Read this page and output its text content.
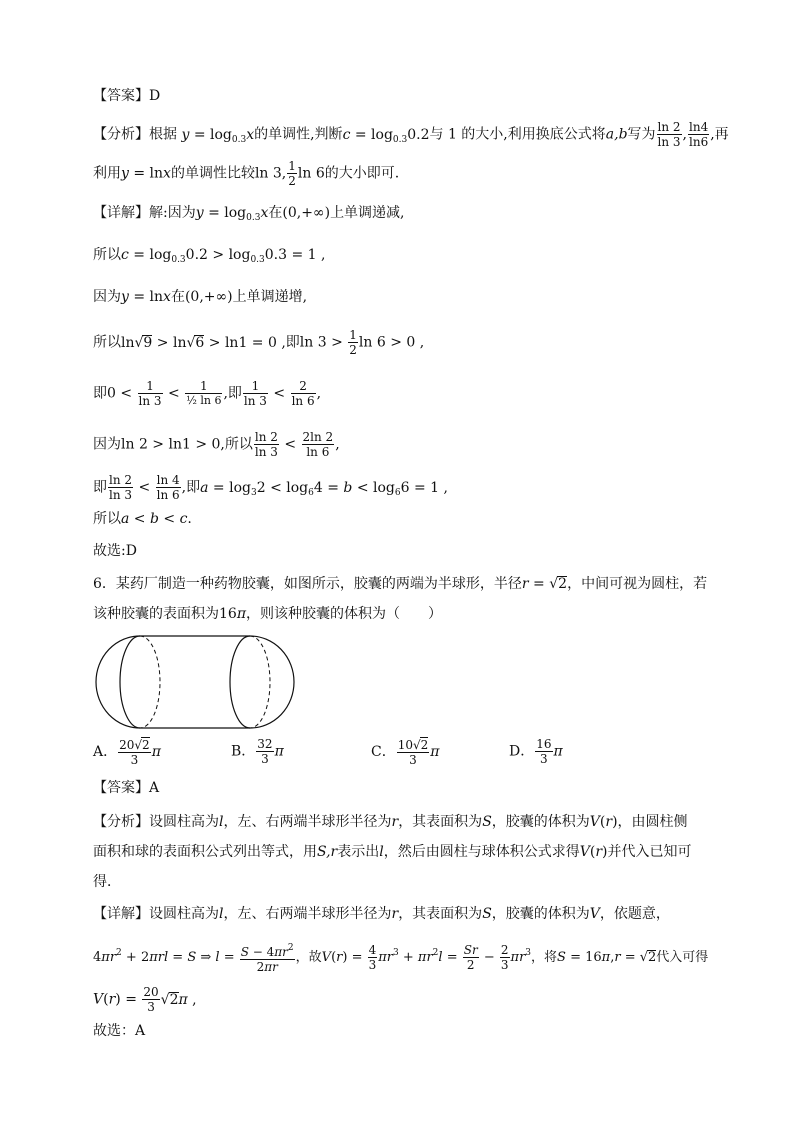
【答案】D
【分析】根据 $y = \log_{0.3}x$的单调性,判断$c = \log_{0.3}0.2$与 1 的大小,利用换底公式将a,b写为 $\frac{\ln 2}{\ln 3}$ , $\frac{\ln 4}{\ln 6}$ ,再
利用y = lnx的单调性比较ln 3, $\frac{1}{2}$ ln 6的大小即可.
【详解】解:因为$y = \log_{0.3}x$在(0,+∞)上单调递减,
所以$c = \log_{0.3}0.2 > \log_{0.3}0.3 = 1$ ,
因为y = lnx在(0,+∞)上单调递增,
所以ln√9 > ln√6 > ln1 = 0 ,即$\ln 3 > \frac{1}{2}$ ln 6 > 0 ,
即$0 < \frac{1}{\ln 3} < \frac{1}{\text{½ ln 6}}$ ,即 $\frac{1}{\ln 3} < \frac{2}{\ln 6}$ ,
因为ln 2 > ln1 > 0,所以 $\frac{\ln 2}{\ln 3} < \frac{2\ln 2}{\ln 6}$ ,
即 $\frac{\ln 2}{\ln 3} < \frac{\ln 4}{\ln 6}$ ,即$a = \log_32 < \log_64 = b < \log_66 = 1$ ,
所以a < b < c.
故选:D
6．某药厂制造一种药物胶囊，如图所示，胶囊的两端为半球形，半径r = √2，中间可视为圆柱，若
该种胶囊的表面积为16π，则该种胶囊的体积为（　　）
A． $\frac{20√2}{3}$ π	B． $\frac{32}{3}$ π	C． $\frac{10√2}{3}$ π	D． $\frac{16}{3}$ π
【答案】A
【分析】设圆柱高为l，左、右两端半球形半径为r，其表面积为S，胶囊的体积为V(r)，由圆柱侧
面积和球的表面积公式列出等式，用S,r表示出l，然后由圆柱与球体积公式求得V(r)并代入已知可
得．
【详解】设圆柱高为l，左、右两端半球形半径为r，其表面积为S，胶囊的体积为V，依题意，
$4\pi r^2 + 2\pi rl = S$ ⇒ $l = \frac{S - 4\pi r^2}{2\pi r}$ ，故$V(r) = \frac{4}{3} \pi r^3 + \pi r^2l = \frac{Sr}{2} - \frac{2}{3} \pi r^3$，将S = 16π,r = √2代入可得
$V(r) = \frac{20}{3} √2\pi$ ,
故选：A
